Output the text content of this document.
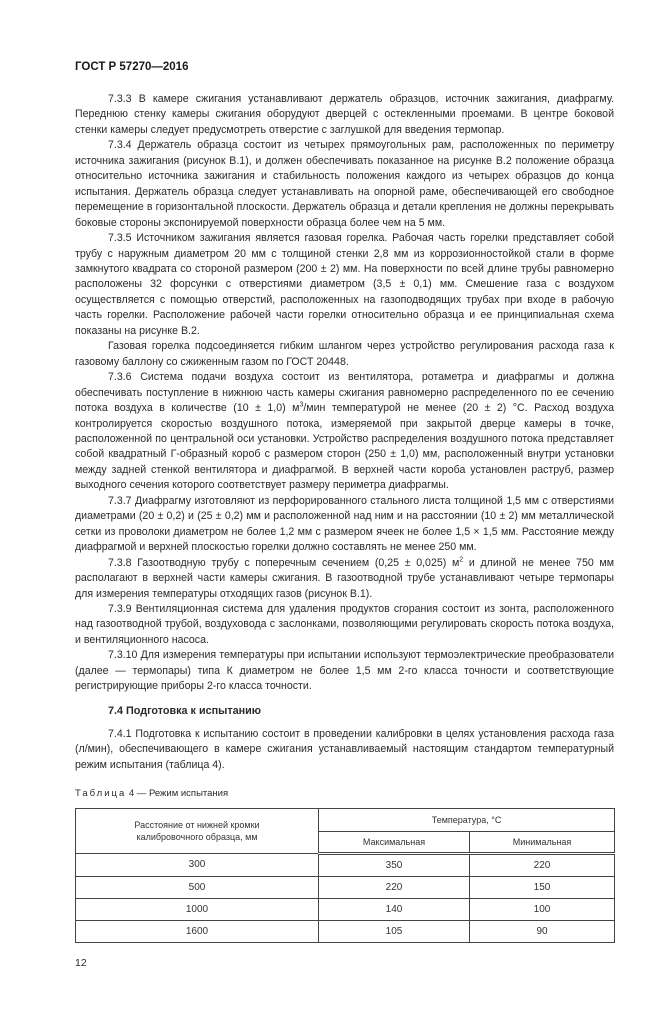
ГОСТ Р 57270—2016

7.3.3 В камере сжигания устанавливают держатель образцов, источник зажигания, диафрагму. Переднюю стенку камеры сжигания оборудуют дверцей с остекленными проемами. В центре боковой стенки камеры следует предусмотреть отверстие с заглушкой для введения термопар.

7.3.4 Держатель образца состоит из четырех прямоугольных рам, расположенных по периметру источника зажигания (рисунок В.1), и должен обеспечивать показанное на рисунке В.2 положение образца относительно источника зажигания и стабильность положения каждого из четырех образцов до конца испытания. Держатель образца следует устанавливать на опорной раме, обеспечивающей его свободное перемещение в горизонтальной плоскости. Держатель образца и детали крепления не должны перекрывать боковые стороны экспонируемой поверхности образца более чем на 5 мм.

7.3.5 Источником зажигания является газовая горелка. Рабочая часть горелки представляет собой трубу с наружным диаметром 20 мм с толщиной стенки 2,8 мм из коррозионностойкой стали в форме замкнутого квадрата со стороной размером (200 ± 2) мм. На поверхности по всей длине трубы равномерно расположены 32 форсунки с отверстиями диаметром (3,5 ± 0,1) мм. Смешение газа с воздухом осуществляется с помощью отверстий, расположенных на газоподводящих трубах при входе в рабочую часть горелки. Расположение рабочей части горелки относительно образца и ее принципиальная схема показаны на рисунке В.2.

Газовая горелка подсоединяется гибким шлангом через устройство регулирования расхода газа к газовому баллону со сжиженным газом по ГОСТ 20448.

7.3.6 Система подачи воздуха состоит из вентилятора, ротаметра и диафрагмы и должна обеспечивать поступление в нижнюю часть камеры сжигания равномерно распределенного по ее сечению потока воздуха в количестве (10 ± 1,0) $м^3$/мин температурой не менее (20 ± 2) °С. Расход воздуха контролируется скоростью воздушного потока, измеряемой при закрытой дверце камеры в точке, расположенной по центральной оси установки. Устройство распределения воздушного потока представляет собой квадратный Г-образный короб с размером сторон (250 ± 1,0) мм, расположенный внутри установки между задней стенкой вентилятора и диафрагмой. В верхней части короба установлен раструб, размер выходного сечения которого соответствует размеру периметра диафрагмы.

7.3.7 Диафрагму изготовляют из перфорированного стального листа толщиной 1,5 мм с отверстиями диаметрами (20 ± 0,2) и (25 ± 0,2) мм и расположенной над ним и на расстоянии (10 ± 2) мм металлической сетки из проволоки диаметром не более 1,2 мм с размером ячеек не более 1,5 × 1,5 мм. Расстояние между диафрагмой и верхней плоскостью горелки должно составлять не менее 250 мм.

7.3.8 Газоотводную трубу с поперечным сечением (0,25 ± 0,025) $м^2$ и длиной не менее 750 мм располагают в верхней части камеры сжигания. В газоотводной трубе устанавливают четыре термопары для измерения температуры отходящих газов (рисунок В.1).

7.3.9 Вентиляционная система для удаления продуктов сгорания состоит из зонта, расположенного над газоотводной трубой, воздуховода с заслонками, позволяющими регулировать скорость потока воздуха, и вентиляционного насоса.

7.3.10 Для измерения температуры при испытании используют термоэлектрические преобразователи (далее — термопары) типа К диаметром не более 1,5 мм 2-го класса точности и соответствующие регистрирующие приборы 2-го класса точности.

7.4 Подготовка к испытанию

7.4.1 Подготовка к испытанию состоит в проведении калибровки в целях установления расхода газа (л/мин), обеспечивающего в камере сжигания устанавливаемый настоящим стандартом температурный режим испытания (таблица 4).

Таблица 4 — Режим испытания
Расстояние от нижней кромки калибровочного образца, мм	Температура, °С	
	Максимальная	Минимальная
300	350	220
500	220	150
1000	140	100
1600	105	90
12
